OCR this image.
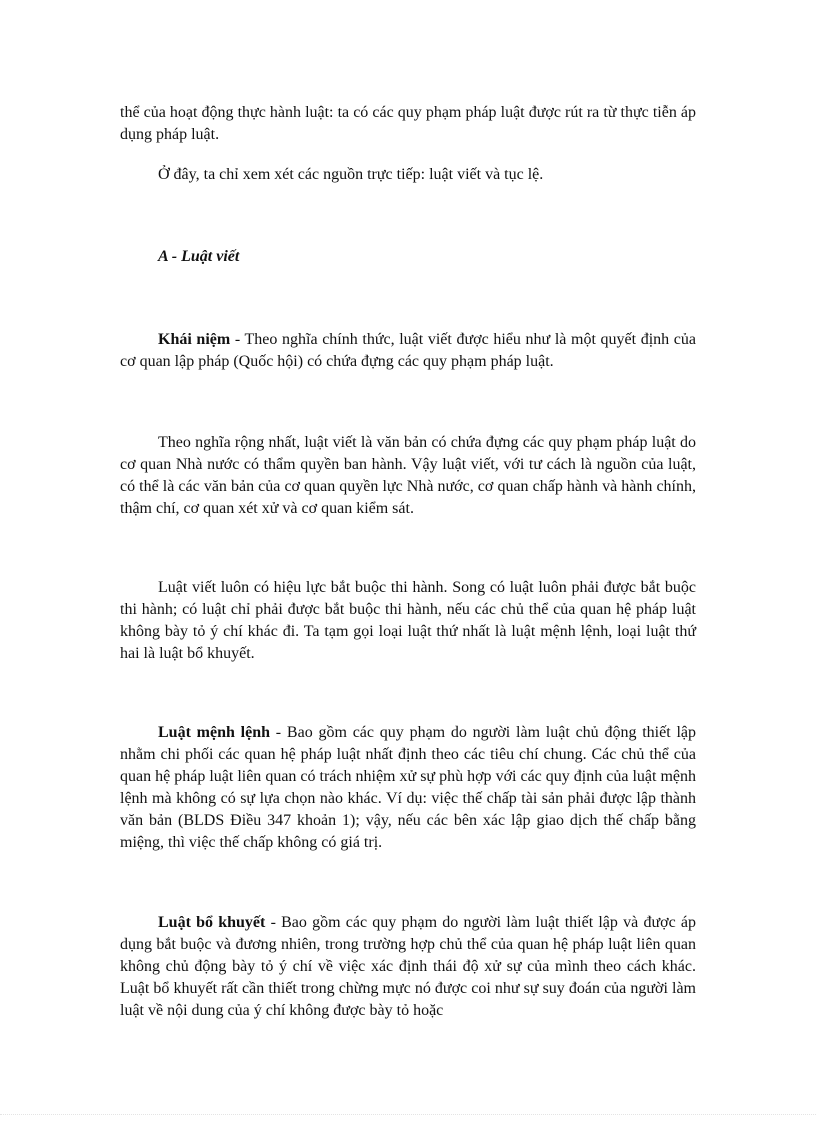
thể của hoạt động thực hành luật: ta có các quy phạm pháp luật được rút ra từ thực tiễn áp dụng pháp luật.

Ở đây, ta chỉ xem xét các nguồn trực tiếp: luật viết và tục lệ.

A - Luật viết

Khái niệm - Theo nghĩa chính thức, luật viết được hiểu như là một quyết định của cơ quan lập pháp (Quốc hội) có chứa đựng các quy phạm pháp luật.

Theo nghĩa rộng nhất, luật viết là văn bản có chứa đựng các quy phạm pháp luật do cơ quan Nhà nước có thẩm quyền ban hành. Vậy luật viết, với tư cách là nguồn của luật, có thể là các văn bản của cơ quan quyền lực Nhà nước, cơ quan chấp hành và hành chính, thậm chí, cơ quan xét xử và cơ quan kiểm sát.

Luật viết luôn có hiệu lực bắt buộc thi hành. Song có luật luôn phải được bắt buộc thi hành; có luật chỉ phải được bắt buộc thi hành, nếu các chủ thể của quan hệ pháp luật không bày tỏ ý chí khác đi. Ta tạm gọi loại luật thứ nhất là luật mệnh lệnh, loại luật thứ hai là luật bổ khuyết.

Luật mệnh lệnh - Bao gồm các quy phạm do người làm luật chủ động thiết lập nhằm chi phối các quan hệ pháp luật nhất định theo các tiêu chí chung. Các chủ thể của quan hệ pháp luật liên quan có trách nhiệm xử sự phù hợp với các quy định của luật mệnh lệnh mà không có sự lựa chọn nào khác. Ví dụ: việc thế chấp tài sản phải được lập thành văn bản (BLDS Điều 347 khoản 1); vậy, nếu các bên xác lập giao dịch thế chấp bằng miệng, thì việc thế chấp không có giá trị.

Luật bổ khuyết - Bao gồm các quy phạm do người làm luật thiết lập và được áp dụng bắt buộc và đương nhiên, trong trường hợp chủ thể của quan hệ pháp luật liên quan không chủ động bày tỏ ý chí về việc xác định thái độ xử sự của mình theo cách khác. Luật bổ khuyết rất cần thiết trong chừng mực nó được coi như sự suy đoán của người làm luật về nội dung của ý chí không được bày tỏ hoặc
